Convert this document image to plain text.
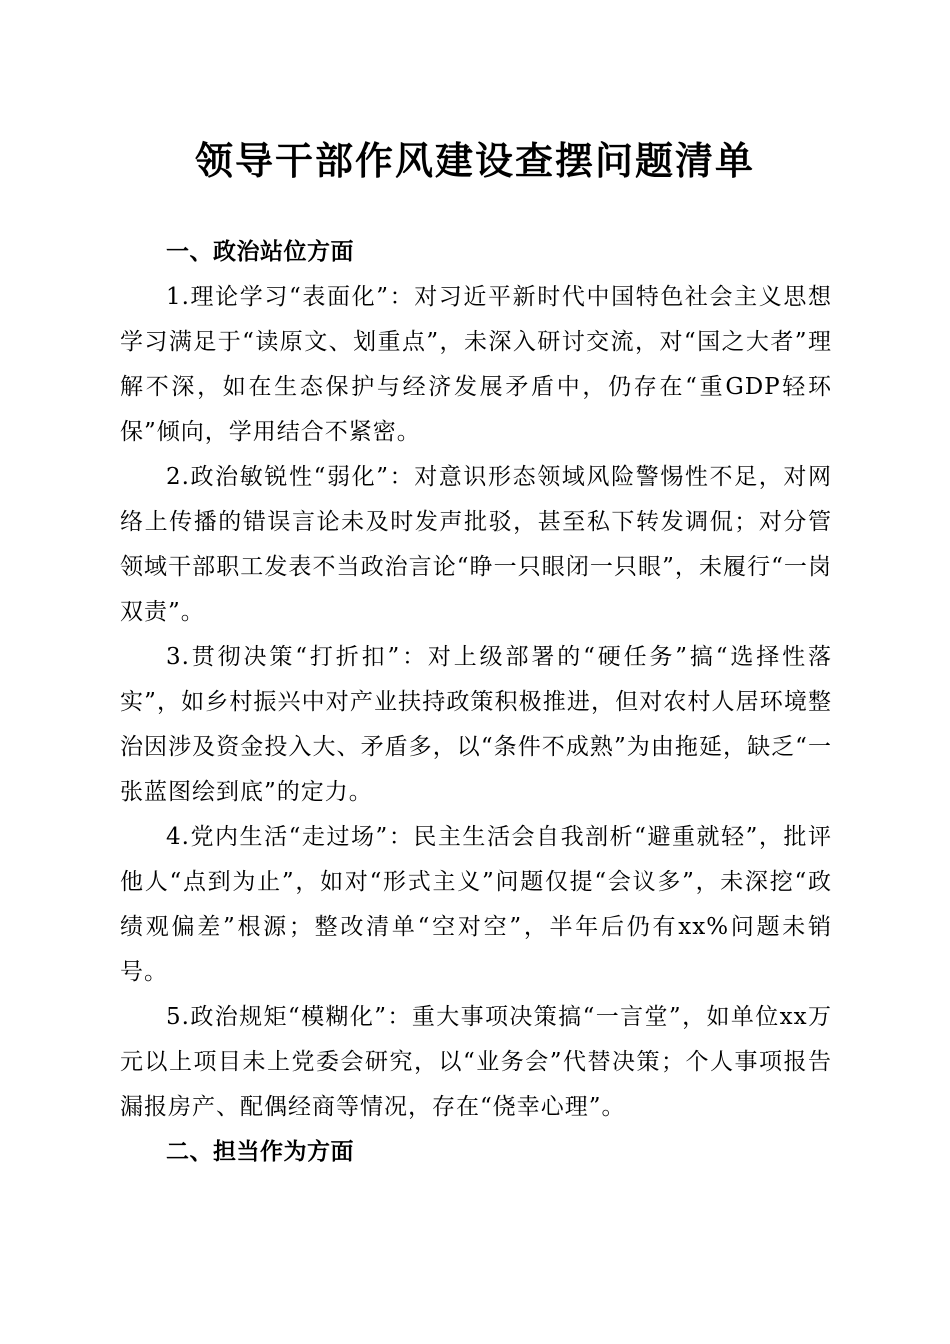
领导干部作风建设查摆问题清单

一、政治站位方面

1.理论学习“表面化”：对习近平新时代中国特色社会主义思想学习满足于“读原文、划重点”，未深入研讨交流，对“国之大者”理解不深，如在生态保护与经济发展矛盾中，仍存在“重GDP轻环保”倾向，学用结合不紧密。

2.政治敏锐性“弱化”：对意识形态领域风险警惕性不足，对网络上传播的错误言论未及时发声批驳，甚至私下转发调侃；对分管领域干部职工发表不当政治言论“睁一只眼闭一只眼”，未履行“一岗双责”。

3.贯彻决策“打折扣”：对上级部署的“硬任务”搞“选择性落实”，如乡村振兴中对产业扶持政策积极推进，但对农村人居环境整治因涉及资金投入大、矛盾多，以“条件不成熟”为由拖延，缺乏“一张蓝图绘到底”的定力。

4.党内生活“走过场”：民主生活会自我剖析“避重就轻”，批评他人“点到为止”，如对“形式主义”问题仅提“会议多”，未深挖“政绩观偏差”根源；整改清单“空对空”，半年后仍有xx%问题未销号。

5.政治规矩“模糊化”：重大事项决策搞“一言堂”，如单位xx万元以上项目未上党委会研究，以“业务会”代替决策；个人事项报告漏报房产、配偶经商等情况，存在“侥幸心理”。

二、担当作为方面
